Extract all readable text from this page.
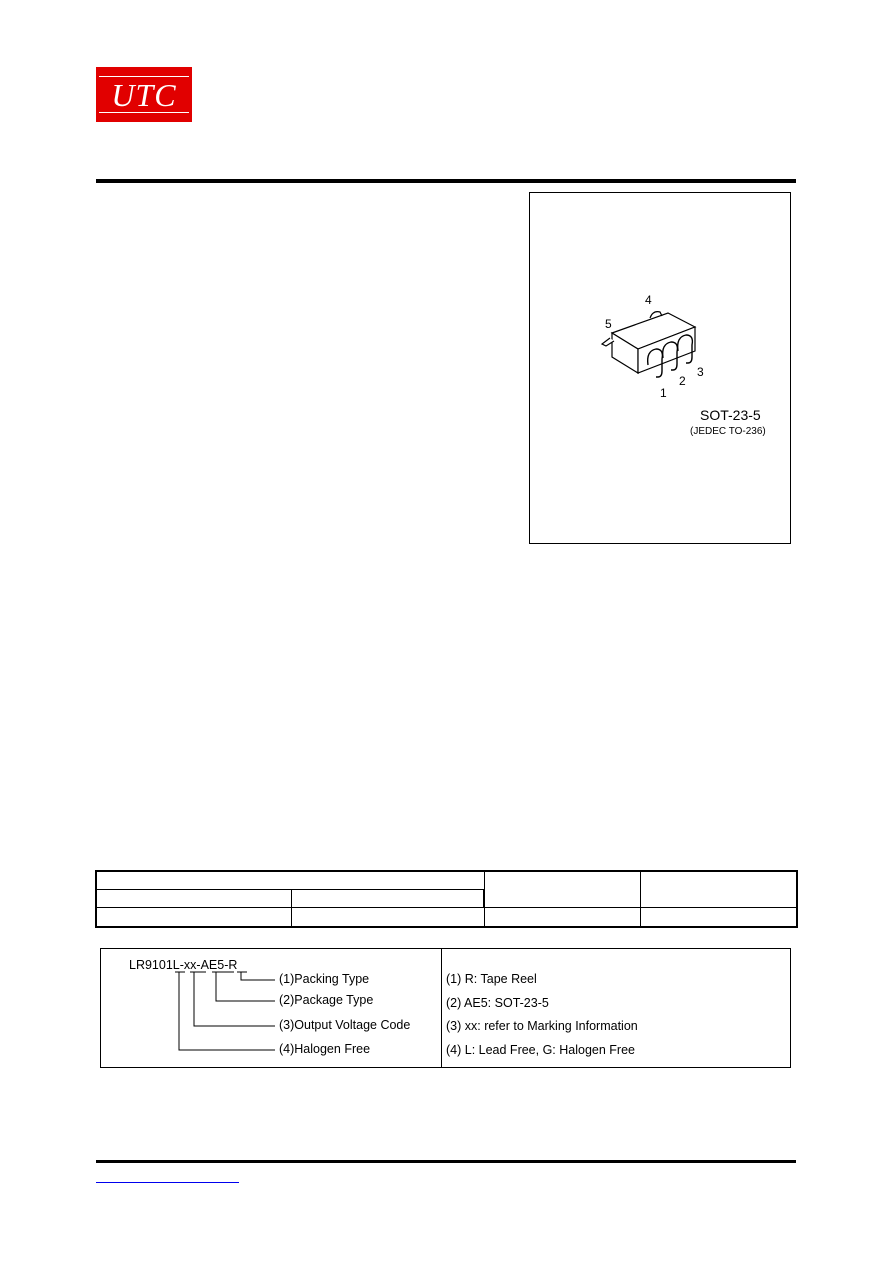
UTC
4
5
1
2
3
SOT-23-5
(JEDEC TO-236)

LR9101L-xx-AE5-R
(1)Packing Type
(2)Package Type
(3)Output Voltage Code
(4)Halogen Free
(1) R: Tape Reel
(2) AE5: SOT-23-5
(3) xx: refer to Marking Information
(4) L: Lead Free, G: Halogen Free
